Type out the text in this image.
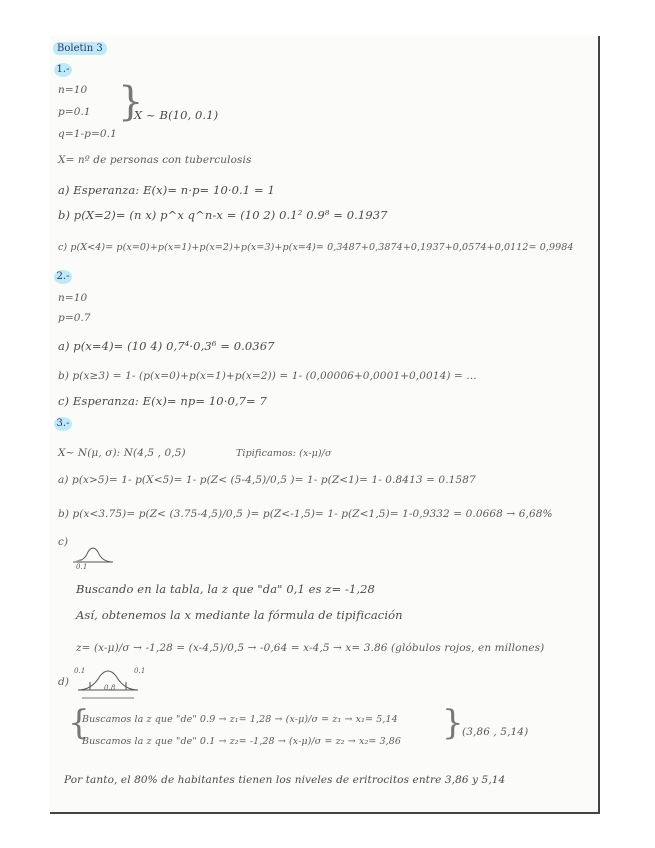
Boletin 3
1.-
n=10
p=0.1
q=1-p=0.1
}
X ~ B(10, 0.1)
X= nº de personas con tuberculosis
a) Esperanza: E(x)= n·p= 10·0.1 = 1
b) p(X=2)= (n x) p^x q^n-x = (10 2) 0.1² 0.9⁸ = 0.1937
c) p(X<4)= p(x=0)+p(x=1)+p(x=2)+p(x=3)+p(x=4)= 0,3487+0,3874+0,1937+0,0574+0,0112= 0,9984
2.-
n=10
p=0.7
a) p(x=4)= (10 4) 0,7⁴·0,3⁶ = 0.0367
b) p(x≥3) = 1- (p(x=0)+p(x=1)+p(x=2)) = 1- (0,00006+0,0001+0,0014) = ...
c) Esperanza: E(x)= np= 10·0,7= 7
3.-
X~ N(μ, σ): N(4,5 , 0,5)	Tipificamos: (x-μ)/σ
a) p(x>5)= 1- p(X<5)= 1- p(Z< (5-4,5)/0,5 )= 1- p(Z<1)= 1- 0.8413 = 0.1587
b) p(x<3.75)= p(Z< (3.75-4,5)/0,5 )= p(Z<-1,5)= 1- p(Z<1,5)= 1-0,9332 = 0.0668 → 6,68%
c)
0.1
Buscando en la tabla, la z que "da" 0,1 es z= -1,28
Así, obtenemos la x mediante la fórmula de tipificación
z= (x-μ)/σ → -1,28 = (x-4,5)/0,5 → -0,64 = x-4,5 → x= 3.86 (glóbulos rojos, en millones)
d)
0.1
0.8
0.1
{
Buscamos la z que "de" 0.9 → z₁= 1,28 → (x-μ)/σ = z₁ → x₁= 5,14
Buscamos la z que "de" 0.1 → z₂= -1,28 → (x-μ)/σ = z₂ → x₂= 3,86 }
(3,86 , 5,14)
Por tanto, el 80% de habitantes tienen los niveles de eritrocitos entre 3,86 y 5,14
